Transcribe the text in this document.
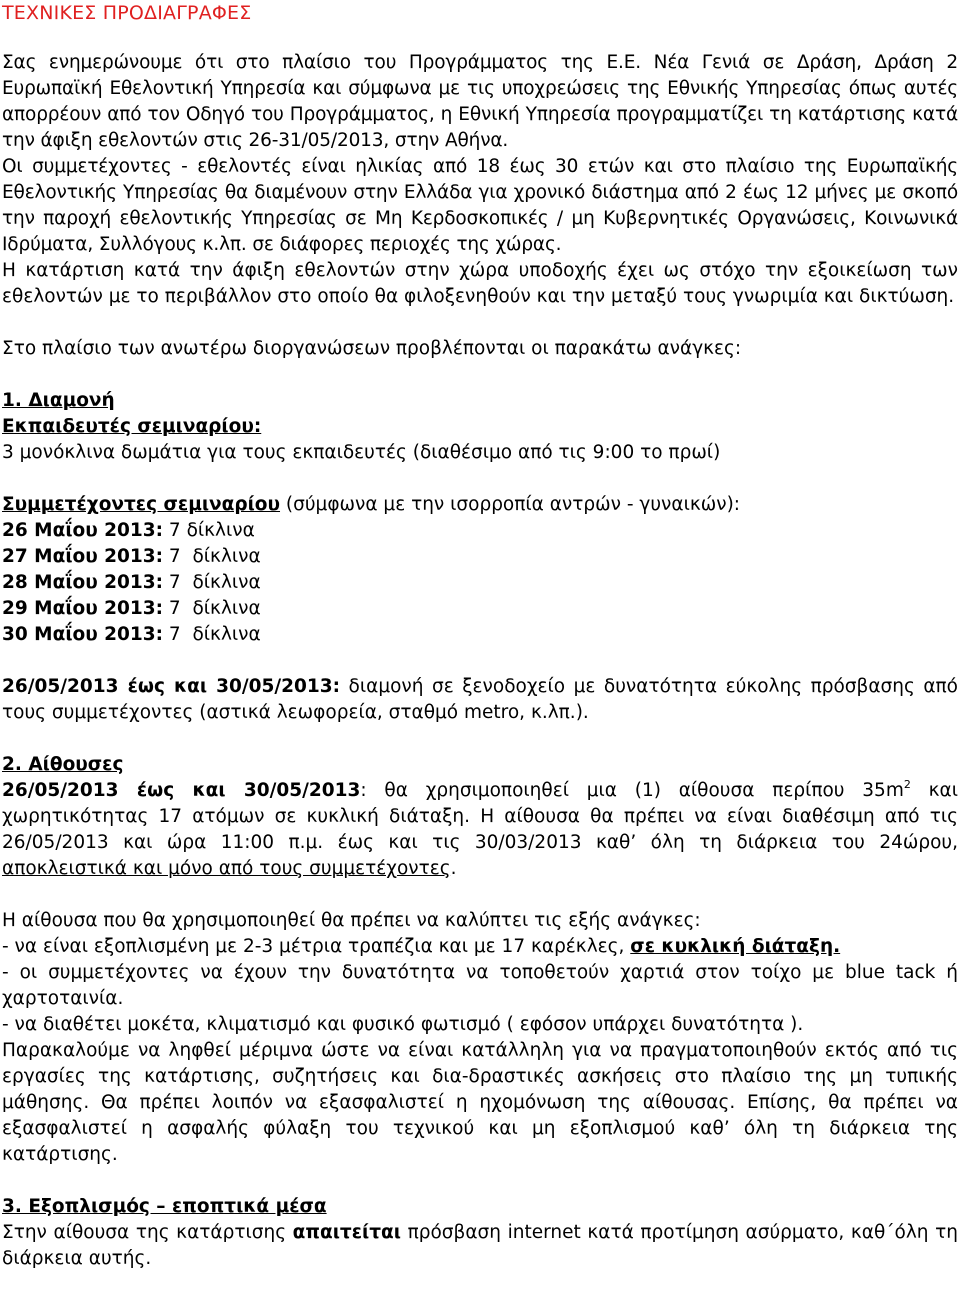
ΤΕΧΝΙΚΕΣ ΠΡΟΔΙΑΓΡΑΦΕΣ

Σας ενημερώνουμε ότι στο πλαίσιο του Προγράμματος της Ε.Ε. Νέα Γενιά σε Δράση, Δράση 2 Ευρωπαϊκή Εθελοντική Υπηρεσία και σύμφωνα με τις υποχρεώσεις της Εθνικής Υπηρεσίας όπως αυτές απορρέουν από τον Οδηγό του Προγράμματος, η Εθνική Υπηρεσία προγραμματίζει τη κατάρτισης κατά την άφιξη εθελοντών στις 26-31/05/2013, στην Αθήνα.

Οι συμμετέχοντες - εθελοντές είναι ηλικίας από 18 έως 30 ετών και στο πλαίσιο της Ευρωπαϊκής Εθελοντικής Υπηρεσίας θα διαμένουν στην Ελλάδα για χρονικό διάστημα από 2 έως 12 μήνες με σκοπό την παροχή εθελοντικής Υπηρεσίας σε Μη Κερδοσκοπικές / μη Κυβερνητικές Οργανώσεις, Κοινωνικά Ιδρύματα, Συλλόγους κ.λπ. σε διάφορες περιοχές της χώρας.

Η κατάρτιση κατά την άφιξη εθελοντών στην χώρα υποδοχής έχει ως στόχο την εξοικείωση των εθελοντών με το περιβάλλον στο οποίο θα φιλοξενηθούν και την μεταξύ τους γνωριμία και δικτύωση.

Στο πλαίσιο των ανωτέρω διοργανώσεων προβλέπονται οι παρακάτω ανάγκες:

1. Διαμονή

Εκπαιδευτές σεμιναρίου:

3 μονόκλινα δωμάτια για τους εκπαιδευτές (διαθέσιμο από τις 9:00 το πρωί)

Συμμετέχοντες σεμιναρίου (σύμφωνα με την ισορροπία αντρών - γυναικών):

26 Μαΐου 2013: 7 δίκλινα

27 Μαΐου 2013: 7  δίκλινα

28 Μαΐου 2013: 7  δίκλινα

29 Μαΐου 2013: 7  δίκλινα

30 Μαΐου 2013: 7  δίκλινα

26/05/2013 έως και 30/05/2013: διαμονή σε ξενοδοχείο με δυνατότητα εύκολης πρόσβασης από τους συμμετέχοντες (αστικά λεωφορεία, σταθμό metro, κ.λπ.).

2. Αίθουσες

26/05/2013 έως και 30/05/2013: θα χρησιμοποιηθεί μια (1) αίθουσα περίπου $35m^2$ και χωρητικότητας 17 ατόμων σε κυκλική διάταξη. Η αίθουσα θα πρέπει να είναι διαθέσιμη από τις 26/05/2013 και ώρα 11:00 π.μ. έως και τις 30/03/2013 καθ’ όλη τη διάρκεια του 24ώρου, αποκλειστικά και μόνο από τους συμμετέχοντες.

Η αίθουσα που θα χρησιμοποιηθεί θα πρέπει να καλύπτει τις εξής ανάγκες:

- να είναι εξοπλισμένη με 2-3 μέτρια τραπέζια και με 17 καρέκλες, σε κυκλική διάταξη.

- οι συμμετέχοντες να έχουν την δυνατότητα να τοποθετούν χαρτιά στον τοίχο με blue tack ή χαρτοταινία.

- να διαθέτει μοκέτα, κλιματισμό και φυσικό φωτισμό ( εφόσον υπάρχει δυνατότητα ).

Παρακαλούμε να ληφθεί μέριμνα ώστε να είναι κατάλληλη για να πραγματοποιηθούν εκτός από τις εργασίες της κατάρτισης, συζητήσεις και δια-δραστικές ασκήσεις στο πλαίσιο της μη τυπικής μάθησης. Θα πρέπει λοιπόν να εξασφαλιστεί η ηχομόνωση της αίθουσας. Επίσης, θα πρέπει να εξασφαλιστεί η ασφαλής φύλαξη του τεχνικού και μη εξοπλισμού καθ’ όλη τη διάρκεια της κατάρτισης.

3. Εξοπλισμός – εποπτικά μέσα

Στην αίθουσα της κατάρτισης απαιτείται πρόσβαση internet κατά προτίμηση ασύρματο, καθ΄όλη τη διάρκεια αυτής.
